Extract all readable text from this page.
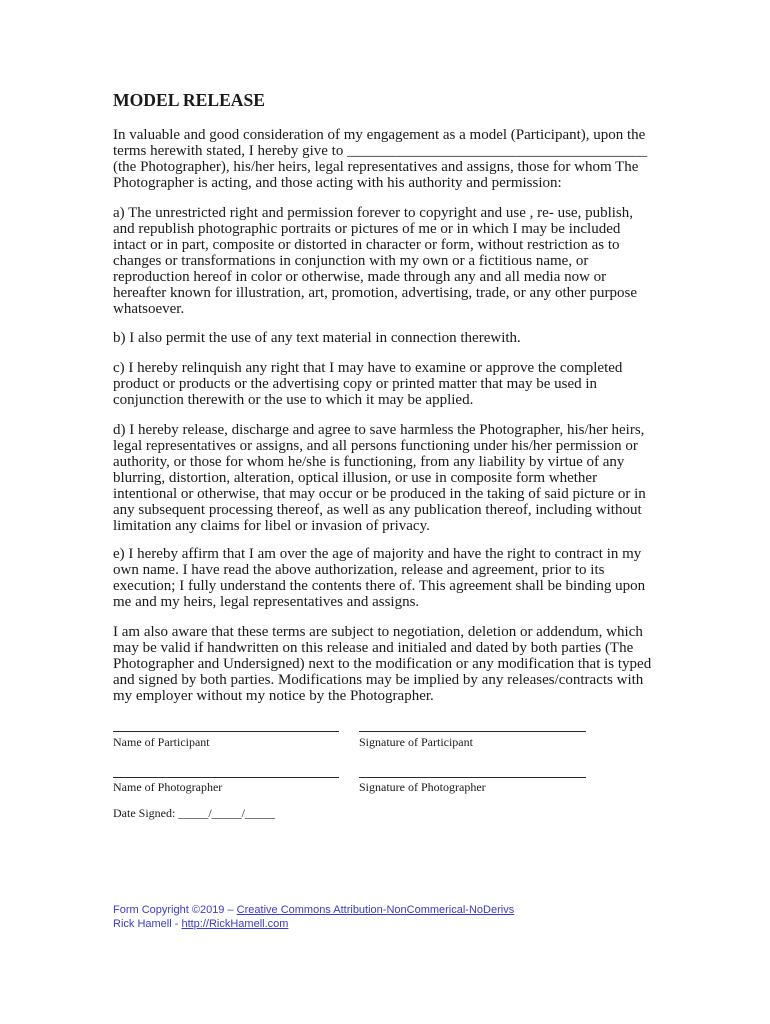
MODEL RELEASE
In valuable and good consideration of my engagement as a model (Participant), upon the
terms herewith stated, I hereby give to ________________________________________
(the Photographer), his/her heirs, legal representatives and assigns, those for whom The
Photographer is acting, and those acting with his authority and permission:
a) The unrestricted right and permission forever to copyright and use , re- use, publish,
and republish photographic portraits or pictures of me or in which I may be included
intact or in part, composite or distorted in character or form, without restriction as to
changes or transformations in conjunction with my own or a fictitious name, or
reproduction hereof in color or otherwise, made through any and all media now or
hereafter known for illustration, art, promotion, advertising, trade, or any other purpose
whatsoever.
b) I also permit the use of any text material in connection therewith.
c) I hereby relinquish any right that I may have to examine or approve the completed
product or products or the advertising copy or printed matter that may be used in
conjunction therewith or the use to which it may be applied.
d) I hereby release, discharge and agree to save harmless the Photographer, his/her heirs,
legal representatives or assigns, and all persons functioning under his/her permission or
authority, or those for whom he/she is functioning, from any liability by virtue of any
blurring, distortion, alteration, optical illusion, or use in composite form whether
intentional or otherwise, that may occur or be produced in the taking of said picture or in
any subsequent processing thereof, as well as any publication thereof, including without
limitation any claims for libel or invasion of privacy.
e) I hereby affirm that I am over the age of majority and have the right to contract in my
own name. I have read the above authorization, release and agreement, prior to its
execution; I fully understand the contents there of. This agreement shall be binding upon
me and my heirs, legal representatives and assigns.
I am also aware that these terms are subject to negotiation, deletion or addendum, which
may be valid if handwritten on this release and initialed and dated by both parties (The
Photographer and Undersigned) next to the modification or any modification that is typed
and signed by both parties. Modifications may be implied by any releases/contracts with
my employer without my notice by the Photographer.
Name of Participant	Signature of Participant
Name of Photographer	Signature of Photographer
Date Signed: _____/_____/_____
Form Copyright ©2019 – Creative Commons Attribution-NonCommerical-NoDerivs
Rick Hamell - http://RickHamell.com
